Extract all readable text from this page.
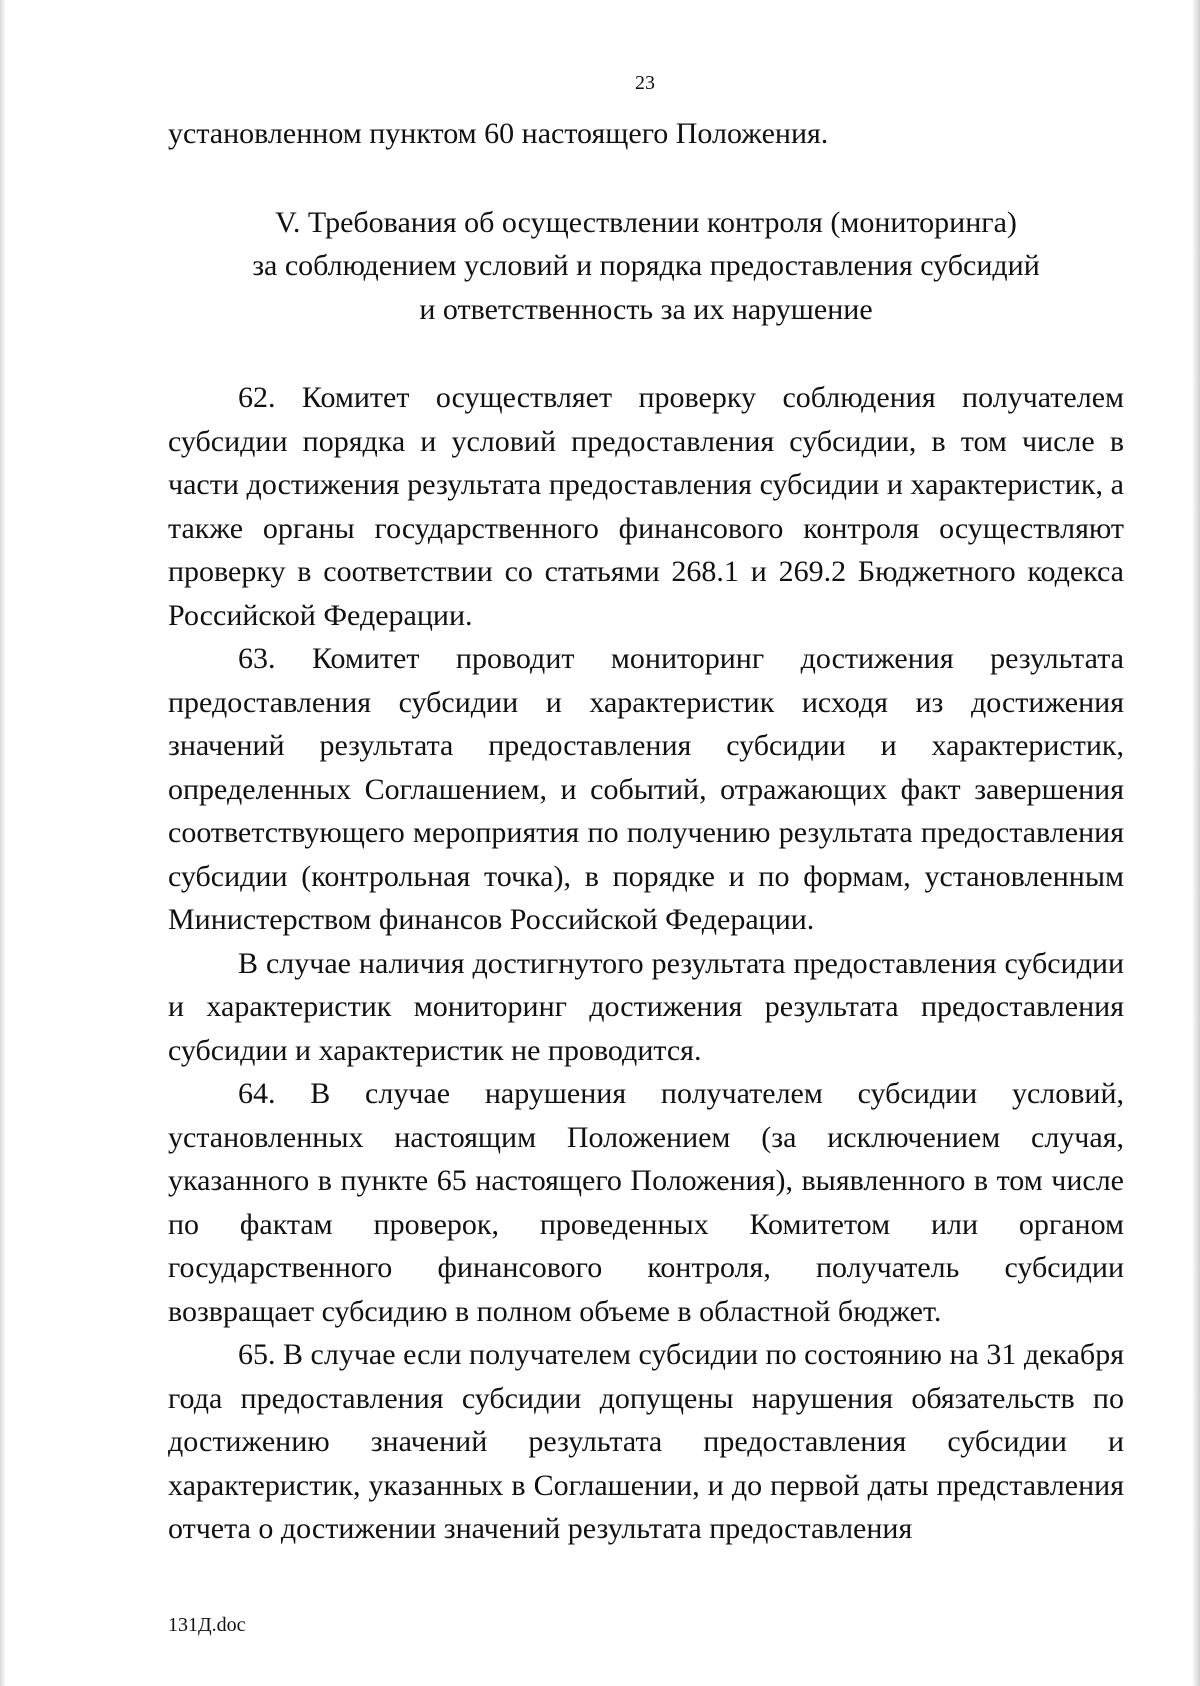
23

установленном пунктом 60 настоящего Положения.

V. Требования об осуществлении контроля (мониторинга)
за соблюдением условий и порядка предоставления субсидий
и ответственность за их нарушение

62. Комитет осуществляет проверку соблюдения получателем субсидии порядка и условий предоставления субсидии, в том числе в части достижения результата предоставления субсидии и характеристик, а также органы государственного финансового контроля осуществляют проверку в соответствии со статьями 268.1 и 269.2 Бюджетного кодекса Российской Федерации.

63. Комитет проводит мониторинг достижения результата предоставления субсидии и характеристик исходя из достижения значений результата предоставления субсидии и характеристик, определенных Соглашением, и событий, отражающих факт завершения соответствующего мероприятия по получению результата предоставления субсидии (контрольная точка), в порядке и по формам, установленным Министерством финансов Российской Федерации.

В случае наличия достигнутого результата предоставления субсидии и характеристик мониторинг достижения результата предоставления субсидии и характеристик не проводится.

64. В случае нарушения получателем субсидии условий, установленных настоящим Положением (за исключением случая, указанного в пункте 65 настоящего Положения), выявленного в том числе по фактам проверок, проведенных Комитетом или органом государственного финансового контроля, получатель субсидии возвращает субсидию в полном объеме в областной бюджет.

65. В случае если получателем субсидии по состоянию на 31 декабря года предоставления субсидии допущены нарушения обязательств по достижению значений результата предоставления субсидии и характеристик, указанных в Соглашении, и до первой даты представления отчета о достижении значений результата предоставления

131Д.doc
